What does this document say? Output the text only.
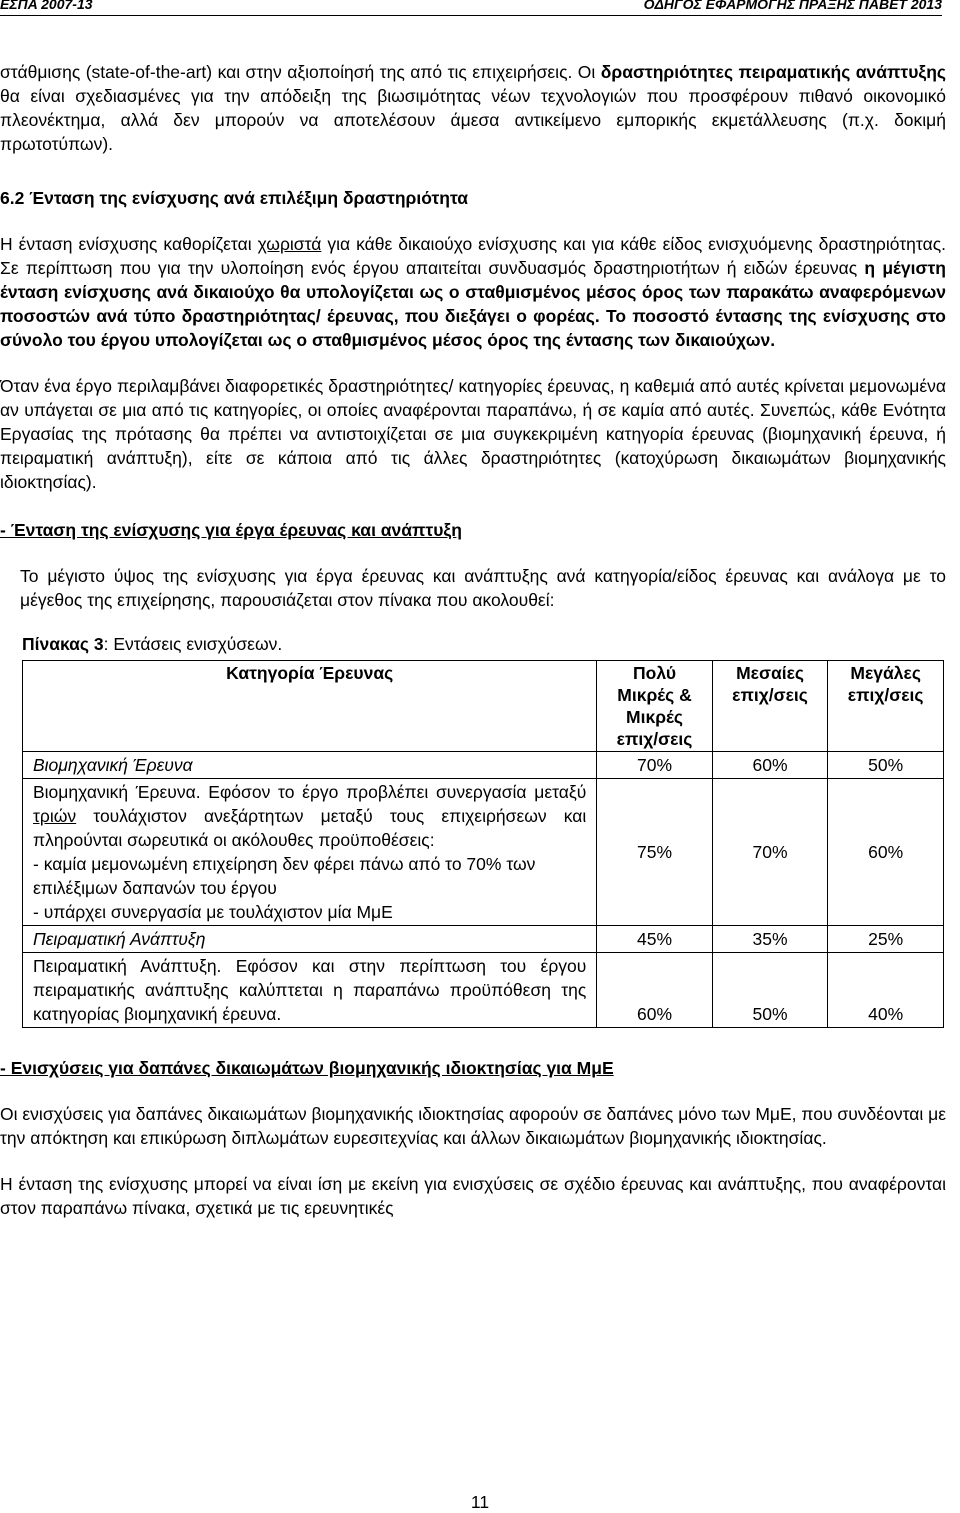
ΕΣΠΑ 2007-13	ΟΔΗΓΟΣ ΕΦΑΡΜΟΓΗΣ ΠΡΑΞΗΣ ΠΑΒΕΤ 2013

στάθμισης (state-of-the-art) και στην αξιοποίησή της από τις επιχειρήσεις. Οι δραστηριότητες πειραματικής ανάπτυξης θα είναι σχεδιασμένες για την απόδειξη της βιωσιμότητας νέων τεχνολογιών που προσφέρουν πιθανό οικονομικό πλεονέκτημα, αλλά δεν μπορούν να αποτελέσουν άμεσα αντικείμενο εμπορικής εκμετάλλευσης (π.χ. δοκιμή πρωτοτύπων).

6.2 Ένταση της ενίσχυσης ανά επιλέξιμη δραστηριότητα

Η ένταση ενίσχυσης καθορίζεται χωριστά για κάθε δικαιούχο ενίσχυσης και για κάθε είδος ενισχυόμενης δραστηριότητας. Σε περίπτωση που για την υλοποίηση ενός έργου απαιτείται συνδυασμός δραστηριοτήτων ή ειδών έρευνας η μέγιστη ένταση ενίσχυσης ανά δικαιούχο θα υπολογίζεται ως ο σταθμισμένος μέσος όρος των παρακάτω αναφερόμενων ποσοστών ανά τύπο δραστηριότητας/ έρευνας, που διεξάγει ο φορέας. Το ποσοστό έντασης της ενίσχυσης στο σύνολο του έργου υπολογίζεται ως ο σταθμισμένος μέσος όρος της έντασης των δικαιούχων.

Όταν ένα έργο περιλαμβάνει διαφορετικές δραστηριότητες/ κατηγορίες έρευνας, η καθεμιά από αυτές κρίνεται μεμονωμένα αν υπάγεται σε μια από τις κατηγορίες, οι οποίες αναφέρονται παραπάνω, ή σε καμία από αυτές. Συνεπώς, κάθε Ενότητα Εργασίας της πρότασης θα πρέπει να αντιστοιχίζεται σε μια συγκεκριμένη κατηγορία έρευνας (βιομηχανική έρευνα, ή πειραματική ανάπτυξη), είτε σε κάποια από τις άλλες δραστηριότητες (κατοχύρωση δικαιωμάτων βιομηχανικής ιδιοκτησίας).

- Ένταση της ενίσχυσης για έργα έρευνας και ανάπτυξη

Το μέγιστο ύψος της ενίσχυσης για έργα έρευνας και ανάπτυξης ανά κατηγορία/είδος έρευνας και ανάλογα με το μέγεθος της επιχείρησης, παρουσιάζεται στον πίνακα που ακολουθεί:

Πίνακας 3: Εντάσεις ενισχύσεων.

Κατηγορία Έρευνας	Πολύ Μικρές & Μικρές επιχ/σεις	Μεσαίες επιχ/σεις	Μεγάλες επιχ/σεις
Βιομηχανική Έρευνα	70%	60%	50%
Βιομηχανική Έρευνα. Εφόσον το έργο προβλέπει συνεργασία μεταξύ τριών τουλάχιστον ανεξάρτητων μεταξύ τους επιχειρήσεων και πληρούνται σωρευτικά οι ακόλουθες προϋποθέσεις:
- καμία μεμονωμένη επιχείρηση δεν φέρει πάνω από το 70% των επιλέξιμων δαπανών του έργου
- υπάρχει συνεργασία με τουλάχιστον μία ΜμΕ	75%	70%	60%
Πειραματική Ανάπτυξη	45%	35%	25%
Πειραματική Ανάπτυξη. Εφόσον και στην περίπτωση του έργου πειραματικής ανάπτυξης καλύπτεται η παραπάνω προϋπόθεση της κατηγορίας βιομηχανική έρευνα.	60%	50%	40%

- Ενισχύσεις για δαπάνες δικαιωμάτων βιομηχανικής ιδιοκτησίας για ΜμΕ

Οι ενισχύσεις για δαπάνες δικαιωμάτων βιομηχανικής ιδιοκτησίας αφορούν σε δαπάνες μόνο των ΜμΕ, που συνδέονται με την απόκτηση και επικύρωση διπλωμάτων ευρεσιτεχνίας και άλλων δικαιωμάτων βιομηχανικής ιδιοκτησίας.

Η ένταση της ενίσχυσης μπορεί να είναι ίση με εκείνη για ενισχύσεις σε σχέδιο έρευνας και ανάπτυξης, που αναφέρονται στον παραπάνω πίνακα, σχετικά με τις ερευνητικές

11
